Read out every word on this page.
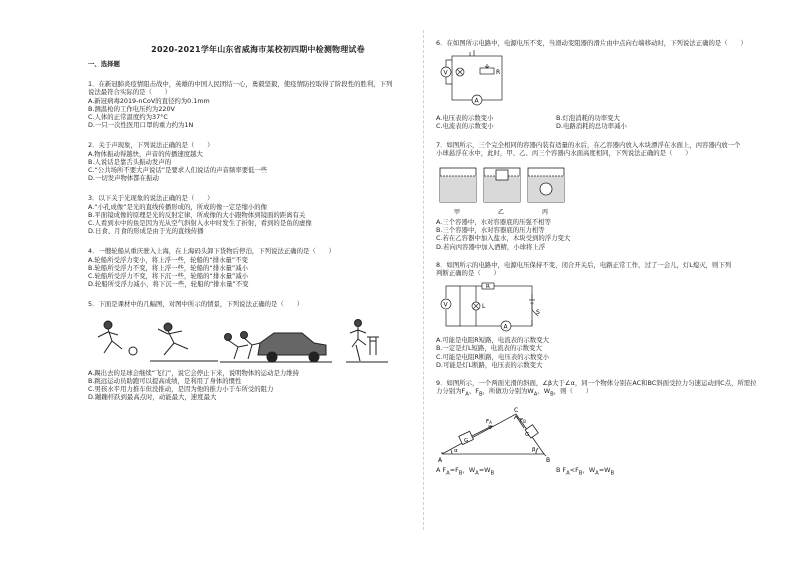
2020-2021学年山东省威海市某校初四期中检测物理试卷

一、选择题

1．在新冠肺炎疫情阻击战中，英雄的中国人民团结一心，勇毅坚毅，使疫情防控取得了阶段性的胜利，下列

说法最符合实际的是（　　）

A.新冠病毒2019-nCoV的直径约为0.1mm

B.测温枪的工作电压约为220V

C.人体的正常温度约为37°C

D.一只一次性医用口罩的重力约为1N

2．关于声现象，下列说法正确的是（　　）

A.物体振动得越快，声音的传播速度越大

B.人说话是靠舌头振动发声的

C.“公共场所不要大声说话”是要求人们说话的声音频率要低一些

D.一切发声物体都在振动

3．以下关于光现象的说法正确的是（　　）

A.“小孔成像”是光的直线传播形成的，所成的像一定是缩小的像

B.平面镜成像的原理是光的反射定律，所成像的大小跟物体到镜面的距离有关

C.人看到水中的鱼是因为光从空气斜射入水中时发生了折射，看到的是鱼的虚像

D.日食、月食的形成是由于光的直线传播

4．一艘轮船从重庆驶入上海，在上海码头卸下货物后停泊，下列说法正确的是（　　）

A.轮船所受浮力变小，将上浮一些，轮船的“排水量”不变

B.轮船所受浮力不变，将上浮一些，轮船的“排水量”减小

C.轮船所受浮力不变，将下沉一些，轮船的“排水量”减小

D.轮船所受浮力减小，将下沉一些，轮船的“排水量”不变

5．下面是课材中的几幅图，对图中所示的情景，下列说法正确的是（　　）

A.踢出去的足球会继续“飞行”，说它会停止下来，说明物体的运动是力维持

B.跳远运动员助跑可以提高成绩，是利用了身体的惯性

C.男孩水平用力推车但没推动，是因为他的推力小于车所受的阻力

D.蹦蹦杆跃到最高点时，动能最大，速度最大

6．在如图所示电路中，电源电压不变，当滑动变阻器的滑片由中点向右端移动时，下列说法正确的是（　　）

V
A
R

A.电压表的示数变小	B.灯泡消耗的功率变大

C.电流表的示数变小	D.电路消耗的总功率减小

7．如图所示，三个完全相同的容器内装有适量的水后，在乙容器内放入木块漂浮在水面上，丙容器内放一个

小球悬浮在水中，此时，甲、乙、丙三个容器内水面高度相同，下列说法正确的是（　　）

甲	乙	丙

A.三个容器中，水对容器底的压强不相等

B.三个容器中，水对容器底的压力相等

C.若在乙容器中加入盐水，木块受到的浮力变大

D.若向丙容器中加入酒精，小球将上浮

8．如图所示的电路中，电源电压保持不变，闭合开关后，电路正常工作，过了一会儿，灯L熄灭，则下列

判断正确的是（　　）

R
L
V
A
S

A.可能是电阻R短路，电流表的示数变大

B.一定是灯L短路，电流表的示数变大

C.可能是电阻R断路，电压表的示数变小

D.可能是灯L断路，电压表的示数变大

9．如图所示，一个两面光滑的斜面，∠β大于∠α，同一个物体分别在AC和BC斜面受拉力匀速运动到C点，所需拉

力分别为$F_A$、$F_B$，所做功分别为$W_A$、$W_B$，则（　　）

A	B
C
α	β
G
G
FA	FB

A $F_A=F_B$，$W_A=W_B$	B $F_A<F_B$，$W_A=W_B$
